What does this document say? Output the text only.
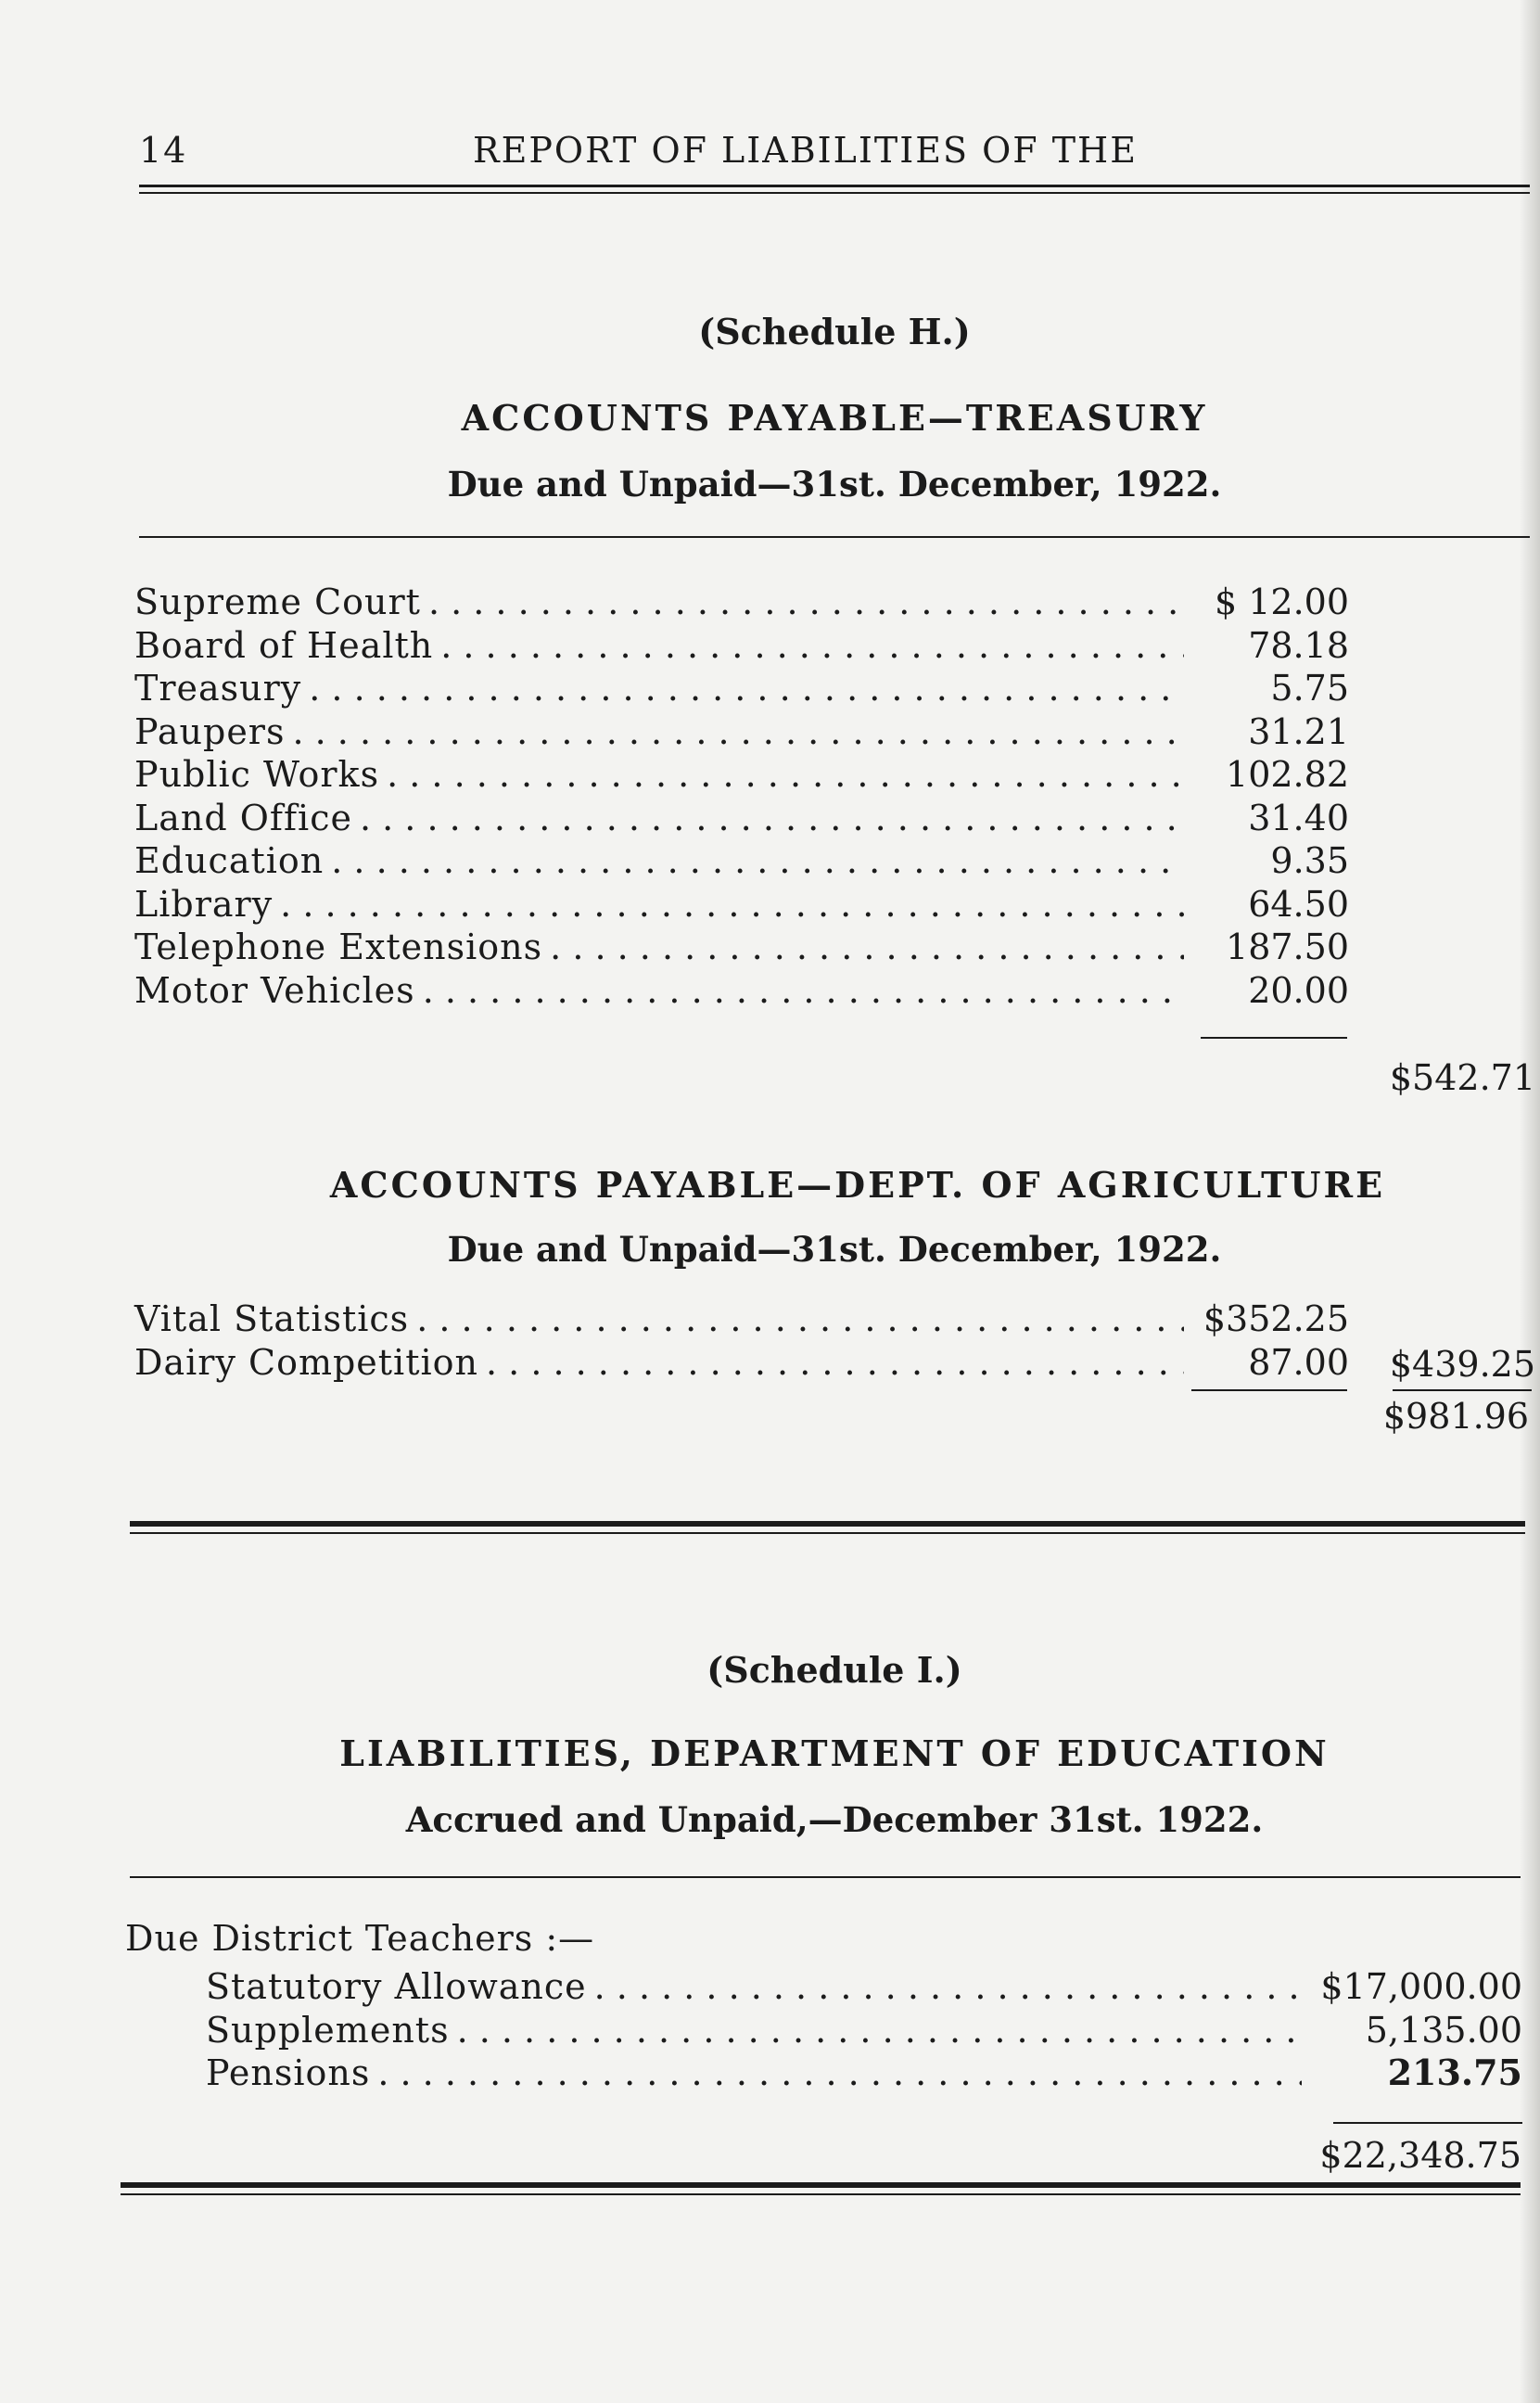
14	REPORT OF LIABILITIES OF THE
(Schedule H.)
ACCOUNTS PAYABLE—TREASURY
Due and Unpaid—31st. December, 1922.
Supreme Court . . .	$ 12.00
Board of Health . . .	78.18
Treasury . . .	5.75
Paupers . . .	31.21
Public Works . . .	102.82
Land Office . . .	31.40
Education . . .	9.35
Library . . .	64.50
Telephone Extensions . . .	187.50
Motor Vehicles . . .	20.00
$542.71
ACCOUNTS PAYABLE—DEPT. OF AGRICULTURE
Due and Unpaid—31st. December, 1922.
Vital Statistics . . .	$352.25
Dairy Competition . . .	87.00 $439.25
$981.96
(Schedule I.)
LIABILITIES, DEPARTMENT OF EDUCATION
Accrued and Unpaid,—December 31st. 1922.
Due District Teachers :—
Statutory Allowance . . .	$17,000.00
Supplements . . .	5,135.00
Pensions . . .	213.75
$22,348.75
